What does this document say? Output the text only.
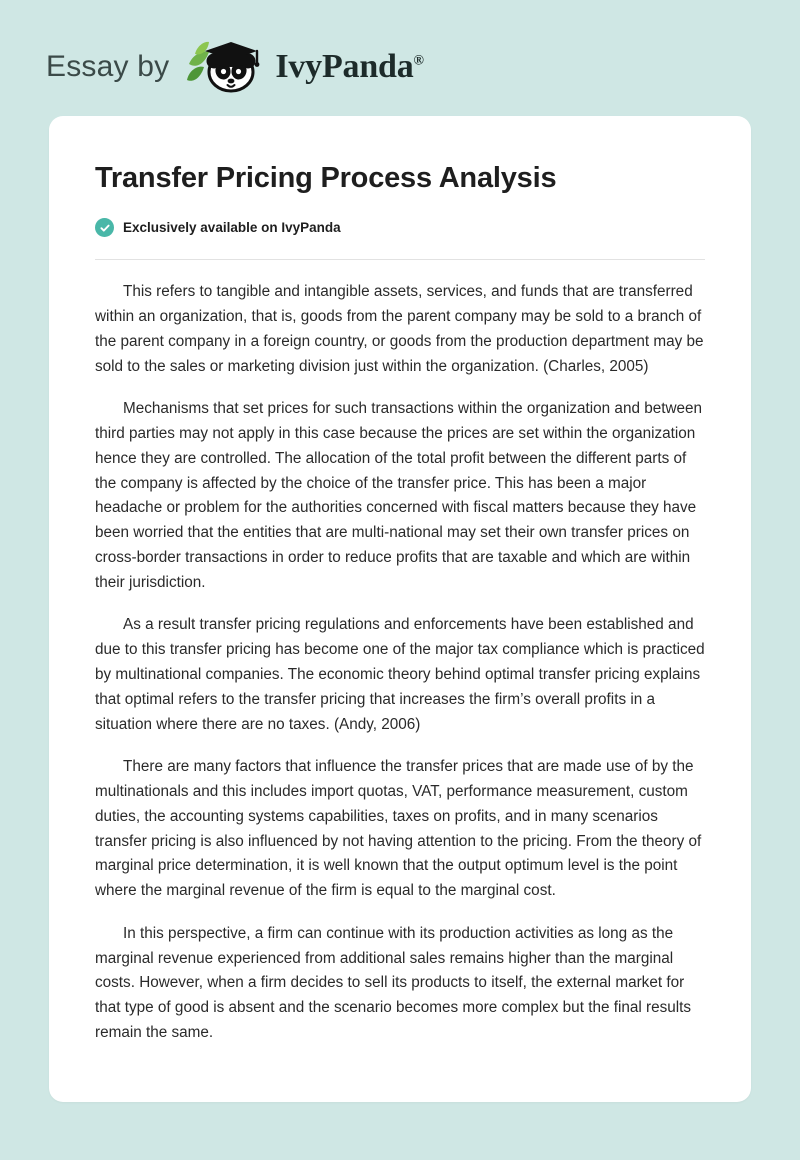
Essay by	IvyPanda®
Transfer Pricing Process Analysis
Exclusively available on IvyPanda

This refers to tangible and intangible assets, services, and funds that are transferred within an organization, that is, goods from the parent company may be sold to a branch of the parent company in a foreign country, or goods from the production department may be sold to the sales or marketing division just within the organization. (Charles, 2005)

Mechanisms that set prices for such transactions within the organization and between third parties may not apply in this case because the prices are set within the organization hence they are controlled. The allocation of the total profit between the different parts of the company is affected by the choice of the transfer price. This has been a major headache or problem for the authorities concerned with fiscal matters because they have been worried that the entities that are multi-national may set their own transfer prices on cross-border transactions in order to reduce profits that are taxable and which are within their jurisdiction.

As a result transfer pricing regulations and enforcements have been established and due to this transfer pricing has become one of the major tax compliance which is practiced by multinational companies. The economic theory behind optimal transfer pricing explains that optimal refers to the transfer pricing that increases the firm’s overall profits in a situation where there are no taxes. (Andy, 2006)

There are many factors that influence the transfer prices that are made use of by the multinationals and this includes import quotas, VAT, performance measurement, custom duties, the accounting systems capabilities, taxes on profits, and in many scenarios transfer pricing is also influenced by not having attention to the pricing. From the theory of marginal price determination, it is well known that the output optimum level is the point where the marginal revenue of the firm is equal to the marginal cost.

In this perspective, a firm can continue with its production activities as long as the marginal revenue experienced from additional sales remains higher than the marginal costs. However, when a firm decides to sell its products to itself, the external market for that type of good is absent and the scenario becomes more complex but the final results remain the same.
